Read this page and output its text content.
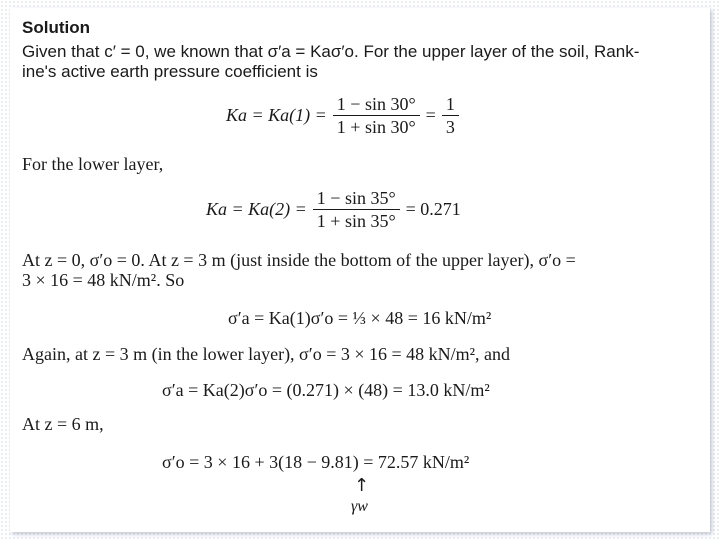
Solution
Given that c′ = 0, we known that σ′a = Kaσ′o. For the upper layer of the soil, Rank-
ine's active earth pressure coefficient is
$Ka = Ka(1) = \frac{1 - \sin 30^\circ}{1 + \sin 30^\circ} = \frac{1}{3}$
For the lower layer,
$Ka = Ka(2) = \frac{1 - \sin 35^\circ}{1 + \sin 35^\circ} = 0.271$
At z = 0, σ′o = 0. At z = 3 m (just inside the bottom of the upper layer), σ′o =
3 × 16 = 48 kN/m². So
σ′a = Ka(1)σ′o = ⅓ × 48 = 16 kN/m²
Again, at z = 3 m (in the lower layer), σ′o = 3 × 16 = 48 kN/m², and
σ′a = Ka(2)σ′o = (0.271) × (48) = 13.0 kN/m²
At z = 6 m,
σ′o = 3 × 16 + 3(18 − 9.81) = 72.57 kN/m²
↑
γw
